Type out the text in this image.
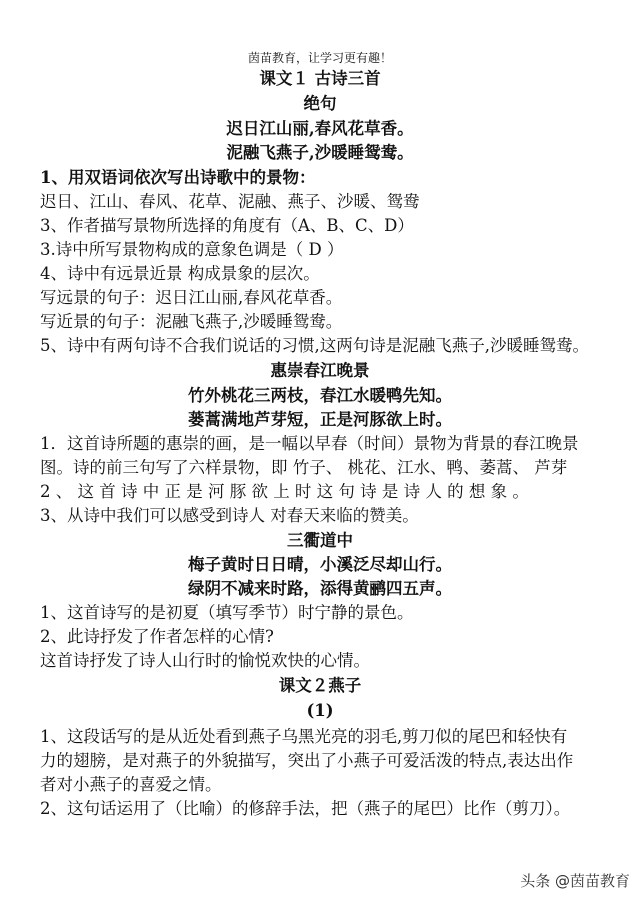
茵苗教育，让学习更有趣！
课文１ 古诗三首
绝句
迟日江山丽,春风花草香。
泥融飞燕子,沙暖睡鸳鸯。
1、用双语词依次写出诗歌中的景物：
迟日、江山、春风、花草、泥融、燕子、沙暖、鸳鸯
3、作者描写景物所选择的角度有（A、B、C、D）
3.诗中所写景物构成的意象色调是（ D ）
4、诗中有远景近景 构成景象的层次。
写远景的句子：迟日江山丽,春风花草香。
写近景的句子：泥融飞燕子,沙暖睡鸳鸯。
5、诗中有两句诗不合我们说话的习惯,这两句诗是泥融飞燕子,沙暖睡鸳鸯。
惠崇春江晚景
竹外桃花三两枝，春江水暖鸭先知。
蒌蒿满地芦芽短，正是河豚欲上时。
1．这首诗所题的惠崇的画，是一幅以早春（时间）景物为背景的春江晚景
图。诗的前三句写了六样景物，即 竹子、 桃花、江水、鸭、萎蒿、 芦芽
2 、 这 首 诗 中 正 是 河 豚 欲 上 时 这 句 诗 是 诗 人 的 想 象 。
3、从诗中我们可以感受到诗人 对春天来临的赞美。
三衢道中
梅子黄时日日晴，小溪泛尽却山行。
绿阴不减来时路，添得黄鹂四五声。
1、这首诗写的是初夏（填写季节）时宁静的景色。
2、此诗抒发了作者怎样的心情?
这首诗抒发了诗人山行时的愉悦欢快的心情。
课文２燕子
(1)
1、这段话写的是从近处看到燕子乌黑光亮的羽毛,剪刀似的尾巴和轻快有
力的翅膀，是对燕子的外貌描写，突出了小燕子可爱活泼的特点,表达出作
者对小燕子的喜爱之情。
2、这句话运用了（比喻）的修辞手法，把（燕子的尾巴）比作（剪刀）。
头条 @茵苗教育
